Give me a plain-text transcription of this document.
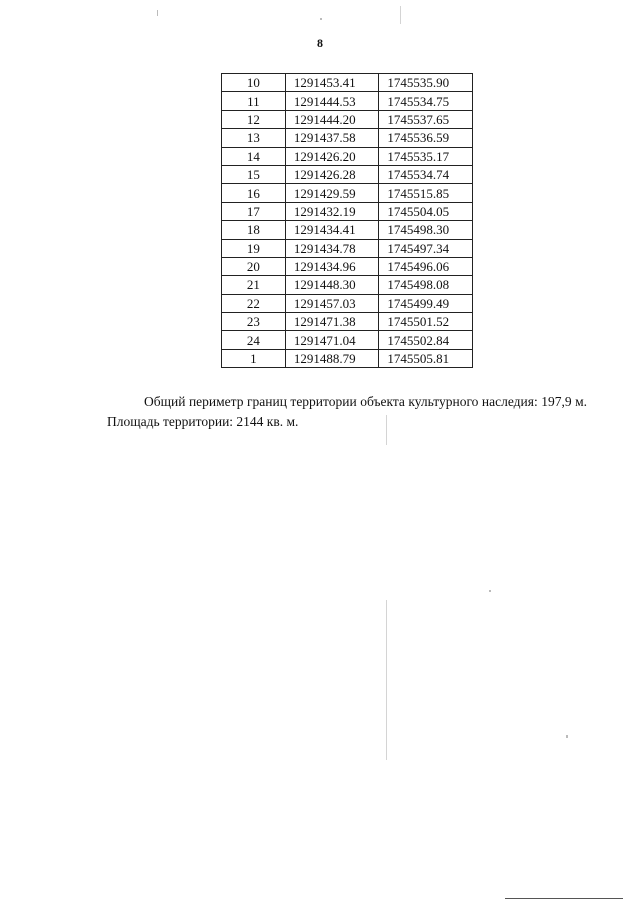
8
10	1291453.41	1745535.90
11	1291444.53	1745534.75
12	1291444.20	1745537.65
13	1291437.58	1745536.59
14	1291426.20	1745535.17
15	1291426.28	1745534.74
16	1291429.59	1745515.85
17	1291432.19	1745504.05
18	1291434.41	1745498.30
19	1291434.78	1745497.34
20	1291434.96	1745496.06
21	1291448.30	1745498.08
22	1291457.03	1745499.49
23	1291471.38	1745501.52
24	1291471.04	1745502.84
1	1291488.79	1745505.81

Общий периметр границ территории объекта культурного наследия: 197,9 м. Площадь территории: 2144 кв. м.
